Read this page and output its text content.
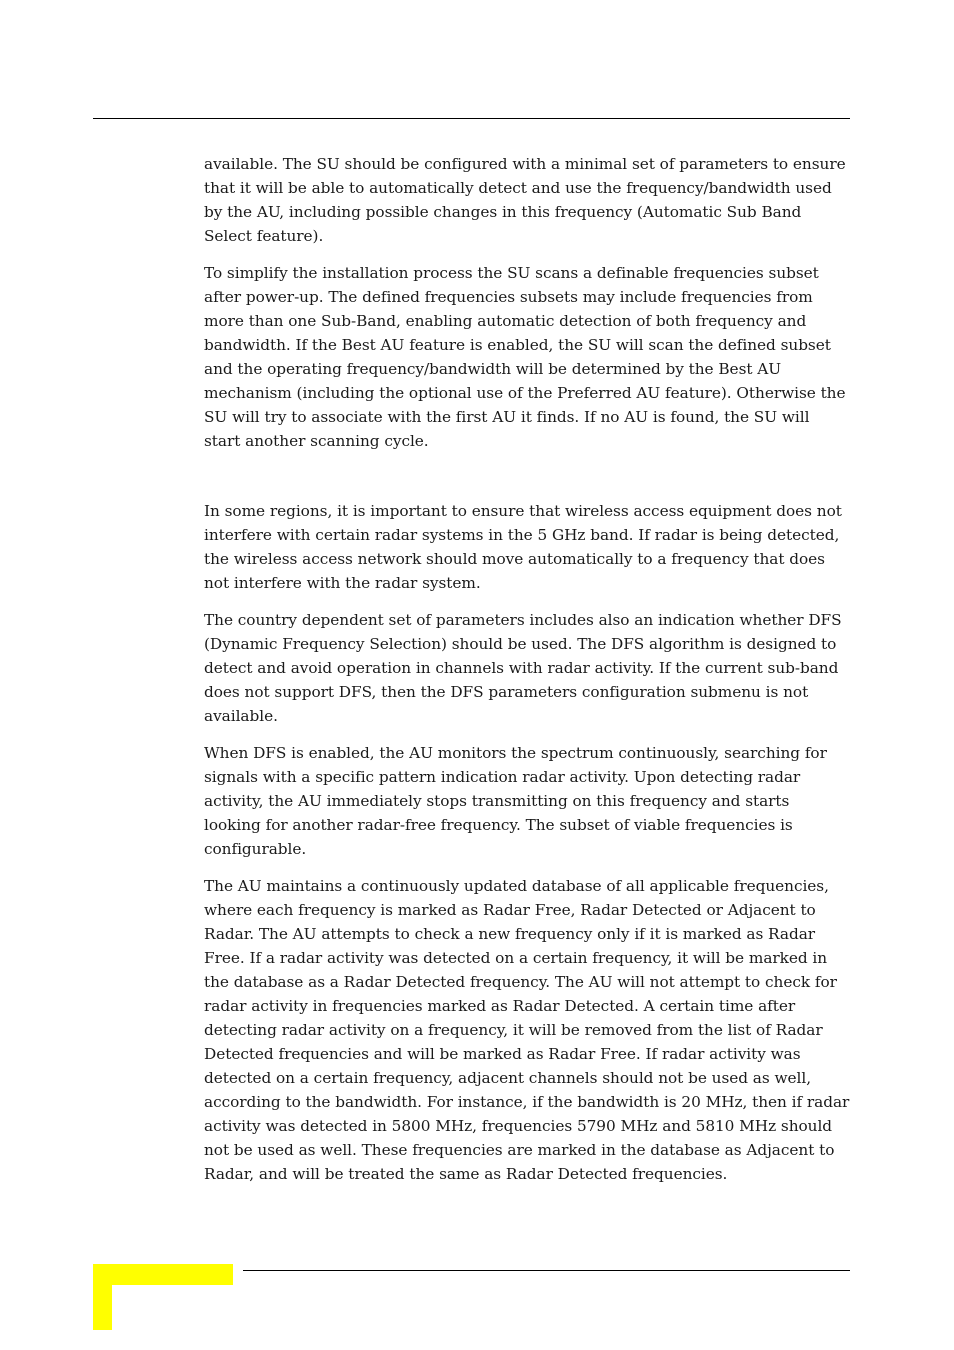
available. The SU should be configured with a minimal set of parameters to ensure that it will be able to automatically detect and use the frequency/bandwidth used by the AU, including possible changes in this frequency (Automatic Sub Band Select feature).

To simplify the installation process the SU scans a definable frequencies subset after power-up. The defined frequencies subsets may include frequencies from more than one Sub-Band, enabling automatic detection of both frequency and bandwidth. If the Best AU feature is enabled, the SU will scan the defined subset and the operating frequency/bandwidth will be determined by the Best AU mechanism (including the optional use of the Preferred AU feature). Otherwise the SU will try to associate with the first AU it finds. If no AU is found, the SU will start another scanning cycle.

In some regions, it is important to ensure that wireless access equipment does not interfere with certain radar systems in the 5 GHz band. If radar is being detected, the wireless access network should move automatically to a frequency that does not interfere with the radar system.

The country dependent set of parameters includes also an indication whether DFS (Dynamic Frequency Selection) should be used. The DFS algorithm is designed to detect and avoid operation in channels with radar activity. If the current sub-band does not support DFS, then the DFS parameters configuration submenu is not available.

When DFS is enabled, the AU monitors the spectrum continuously, searching for signals with a specific pattern indication radar activity. Upon detecting radar activity, the AU immediately stops transmitting on this frequency and starts looking for another radar-free frequency. The subset of viable frequencies is configurable.

The AU maintains a continuously updated database of all applicable frequencies, where each frequency is marked as Radar Free, Radar Detected or Adjacent to Radar. The AU attempts to check a new frequency only if it is marked as Radar Free. If a radar activity was detected on a certain frequency, it will be marked in the database as a Radar Detected frequency. The AU will not attempt to check for radar activity in frequencies marked as Radar Detected. A certain time after detecting radar activity on a frequency, it will be removed from the list of Radar Detected frequencies and will be marked as Radar Free. If radar activity was detected on a certain frequency, adjacent channels should not be used as well, according to the bandwidth. For instance, if the bandwidth is 20 MHz, then if radar activity was detected in 5800 MHz, frequencies 5790 MHz and 5810 MHz should not be used as well. These frequencies are marked in the database as Adjacent to Radar, and will be treated the same as Radar Detected frequencies.
